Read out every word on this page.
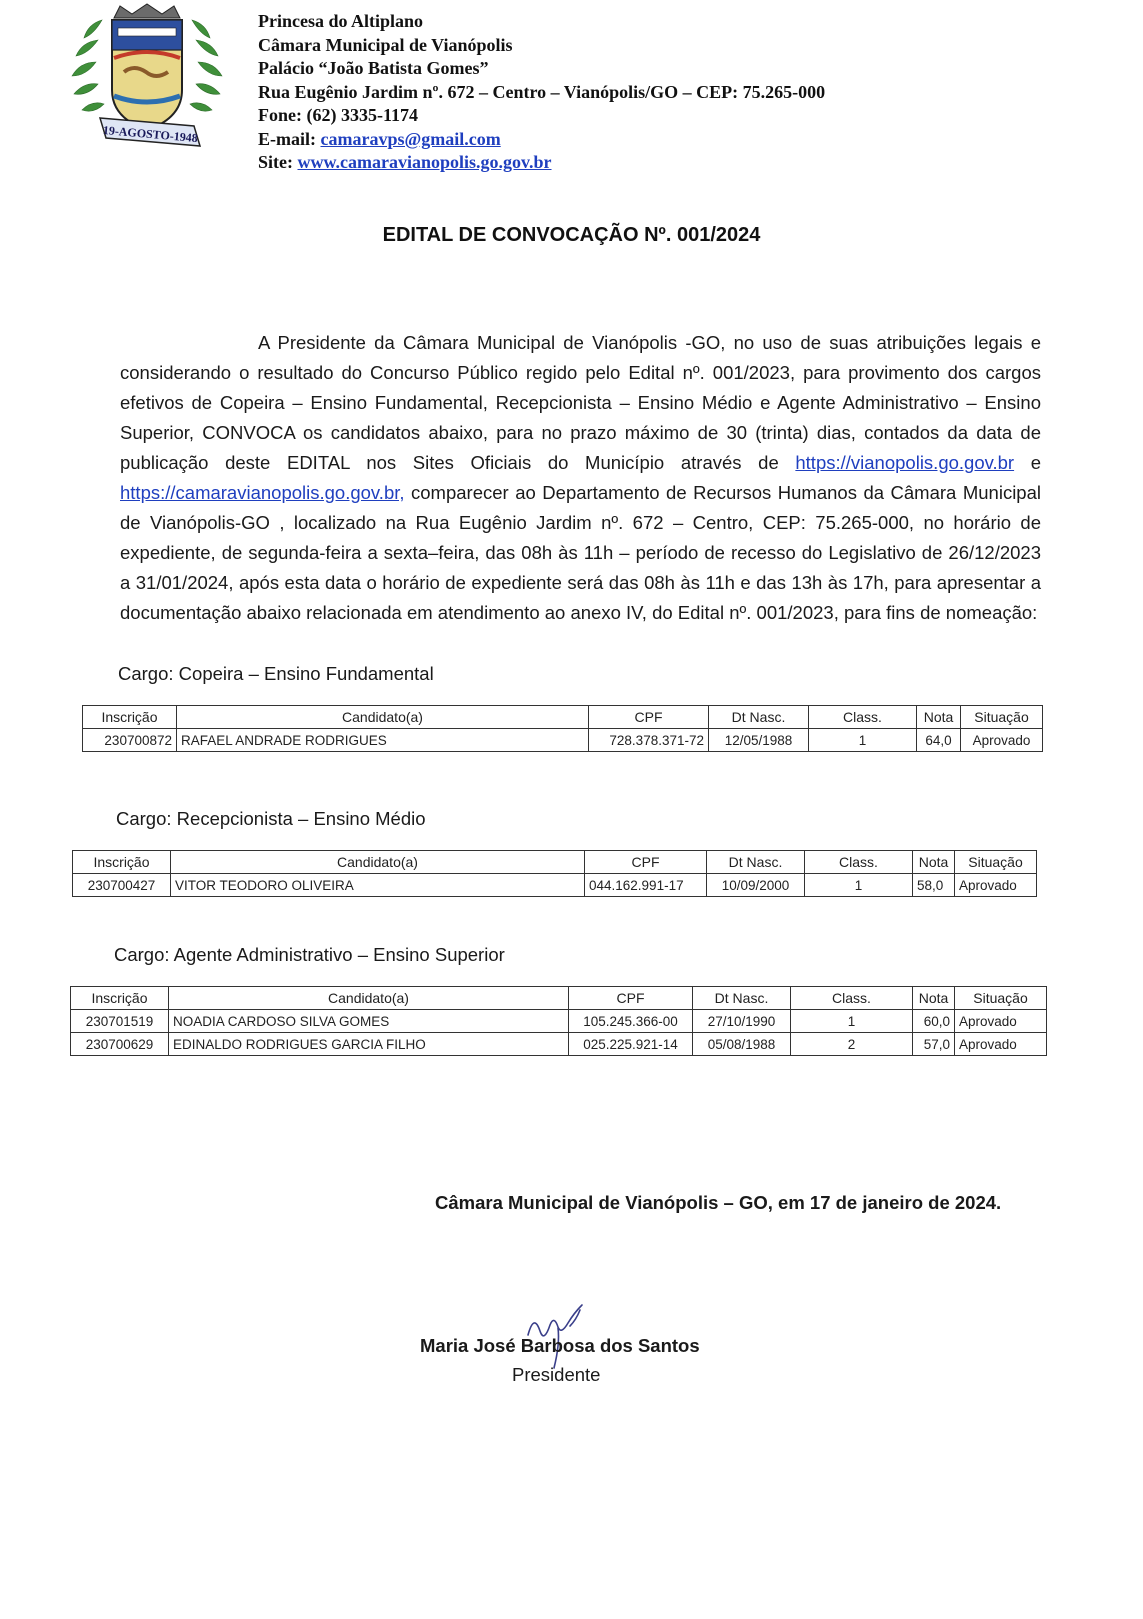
19-AGOSTO-1948
Princesa do Altiplano
Câmara Municipal de Vianópolis
Palácio “João Batista Gomes”
Rua Eugênio Jardim nº. 672 – Centro – Vianópolis/GO – CEP: 75.265-000
Fone: (62) 3335-1174
E-mail: camaravps@gmail.com
Site: www.camaravianopolis.go.gov.br
EDITAL DE CONVOCAÇÃO Nº. 001/2024
A Presidente da Câmara Municipal de Vianópolis -GO, no uso de suas atribuições legais e considerando o resultado do Concurso Público regido pelo Edital nº. 001/2023, para provimento dos cargos efetivos de Copeira – Ensino Fundamental, Recepcionista – Ensino Médio e Agente Administrativo – Ensino Superior, CONVOCA os candidatos abaixo, para no prazo máximo de 30 (trinta) dias, contados da data de publicação deste EDITAL nos Sites Oficiais do Município através de https://vianopolis.go.gov.br e https://camaravianopolis.go.gov.br, comparecer ao Departamento de Recursos Humanos da Câmara Municipal de Vianópolis-GO , localizado na Rua Eugênio Jardim nº. 672 – Centro, CEP: 75.265-000, no horário de expediente, de segunda-feira a sexta–feira, das 08h às 11h – período de recesso do Legislativo de 26/12/2023 a 31/01/2024, após esta data o horário de expediente será das 08h às 11h e das 13h às 17h, para apresentar a documentação abaixo relacionada em atendimento ao anexo IV, do Edital nº. 001/2023, para fins de nomeação:
Cargo: Copeira – Ensino Fundamental
Inscrição	Candidato(a)	CPF	Dt Nasc.	Class.	Nota	Situação
230700872	RAFAEL ANDRADE RODRIGUES	728.378.371-72	12/05/1988	1	64,0	Aprovado
Cargo: Recepcionista – Ensino Médio
Inscrição	Candidato(a)	CPF	Dt Nasc.	Class.	Nota	Situação
230700427	VITOR TEODORO OLIVEIRA	044.162.991-17	10/09/2000	1	58,0	Aprovado
Cargo: Agente Administrativo – Ensino Superior
Inscrição	Candidato(a)	CPF	Dt Nasc.	Class.	Nota	Situação
230701519	NOADIA CARDOSO SILVA GOMES	105.245.366-00	27/10/1990	1	60,0	Aprovado
230700629	EDINALDO RODRIGUES GARCIA FILHO	025.225.921-14	05/08/1988	2	57,0	Aprovado
Câmara Municipal de Vianópolis – GO, em 17 de janeiro de 2024.
Maria José Barbosa dos Santos
Presidente
